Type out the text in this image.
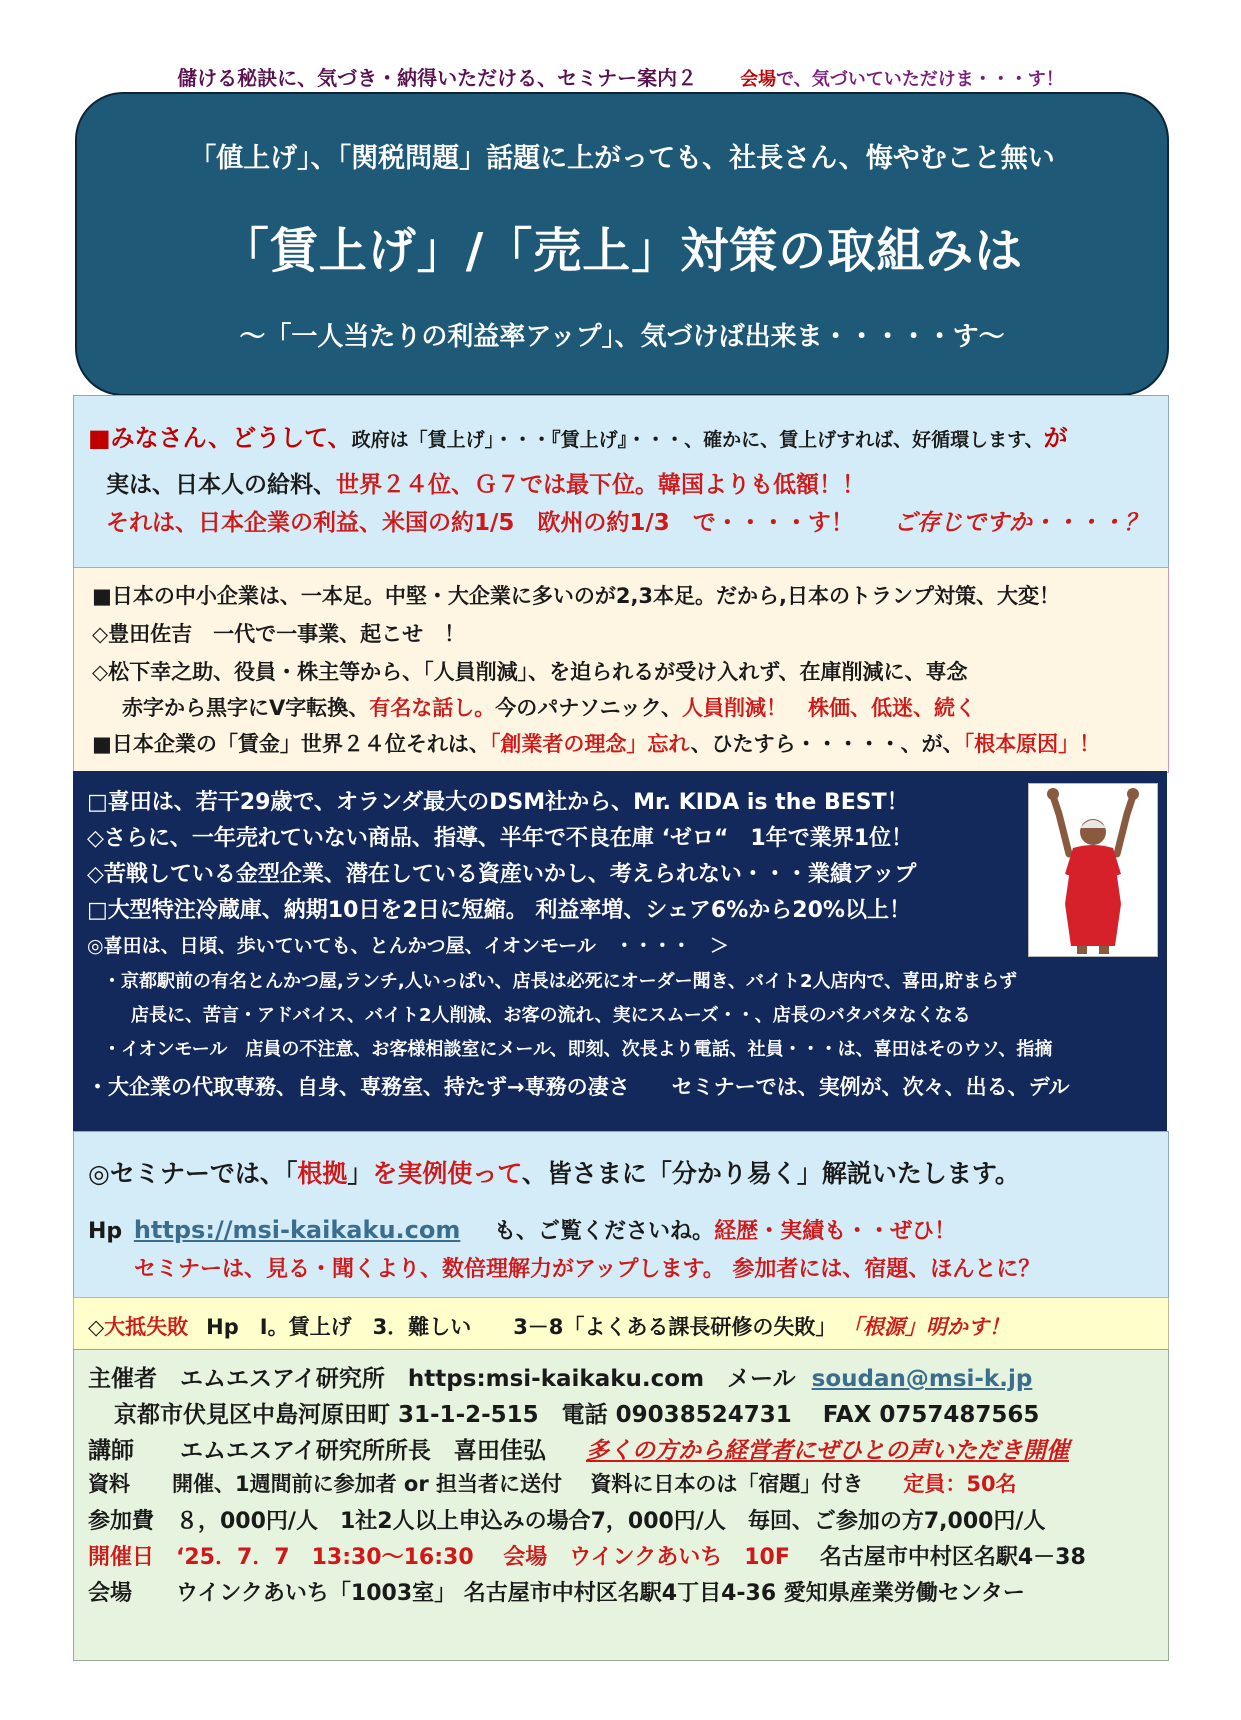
儲ける秘訣に、気づき・納得いただける、セミナー案内２ 会場で、気づいていただけま・・・す！
「値上げ」、「関税問題」話題に上がっても、社長さん、悔やむこと無い
「賃上げ」/「売上」対策の取組みは
～「一人当たりの利益率アップ」、気づけば出来ま・・・・・す～
■みなさん、どうして、政府は「賃上げ」・・・『賃上げ』・・・、確かに、賃上げすれば、好循環します、が
実は、日本人の給料、世界２４位、Ｇ７では最下位。韓国よりも低額！！
それは、日本企業の利益、米国の約1/5　欧州の約1/3　で・・・・す！ ご存じですか・・・・？
■日本の中小企業は、一本足。中堅・大企業に多いのが2,3本足。だから,日本のトランプ対策、大変！
◇豊田佐吉　一代で一事業、起こせ　！
◇松下幸之助、役員・株主等から、「人員削減」、を迫られるが受け入れず、在庫削減に、専念
赤字から黒字にV字転換、有名な話し。今のパナソニック、人員削減！　株価、低迷、続く
■日本企業の「賃金」世界２４位それは、「創業者の理念」忘れ、ひたすら・・・・・、が、「根本原因」！
□喜田は、若干29歳で、オランダ最大のDSM社から、Mr. KIDA is the BEST！
◇さらに、一年売れていない商品、指導、半年で不良在庫 ‘ゼロ“　1年で業界1位！
◇苦戦している金型企業、潜在している資産いかし、考えられない・・・業績アップ
□大型特注冷蔵庫、納期10日を2日に短縮。 利益率増、シェア6%から20%以上！
◎喜田は、日頃、歩いていても、とんかつ屋、イオンモール　・・・・　＞
・京都駅前の有名とんかつ屋,ランチ,人いっぱい、店長は必死にオーダー聞き、バイト2人店内で、喜田,貯まらず
店長に、苦言・アドバイス、バイト2人削減、お客の流れ、実にスムーズ・・、店長のバタバタなくなる
・イオンモール　店員の不注意、お客様相談室にメール、即刻、次長より電話、社員・・・は、喜田はそのウソ、指摘
・大企業の代取専務、自身、専務室、持たず→専務の凄さ　　セミナーでは、実例が、次々、出る、デル
◎セミナーでは、「根拠」を実例使って、皆さまに「分かり易く」解説いたします。
Hp https://msi-kaikaku.com も、ご覧くださいね。経歴・実績も・・ぜひ！
セミナーは、見る・聞くより、数倍理解力がアップします。 参加者には、宿題、ほんとに？
◇大抵失敗 Hp　Ⅰ。賃上げ　3．難しい　　3－8「よくある課長研修の失敗」 「根源」明かす！
主催者　エムエスアイ研究所　https:msi-kaikaku.com　メール soudan@msi-k.jp
京都市伏見区中島河原田町 31-1-2-515　電話 09038524731　 FAX 0757487565
講師　　エムエスアイ研究所所長　喜田佳弘 多くの方から経営者にぜひとの声いただき開催
資料　　開催、1週間前に参加者 or 担当者に送付　 資料に日本のは「宿題」付き 定員：50名
参加費　８，000円/人　1社2人以上申込みの場合7，000円/人　毎回、ご参加の方7,000円/人
開催日　‘25．7．7　13:30～16:30　 会場　ウインクあいち　10F 名古屋市中村区名駅4－38
会場　　ウインクあいち「1003室」 名古屋市中村区名駅4丁目4-36 愛知県産業労働センター
